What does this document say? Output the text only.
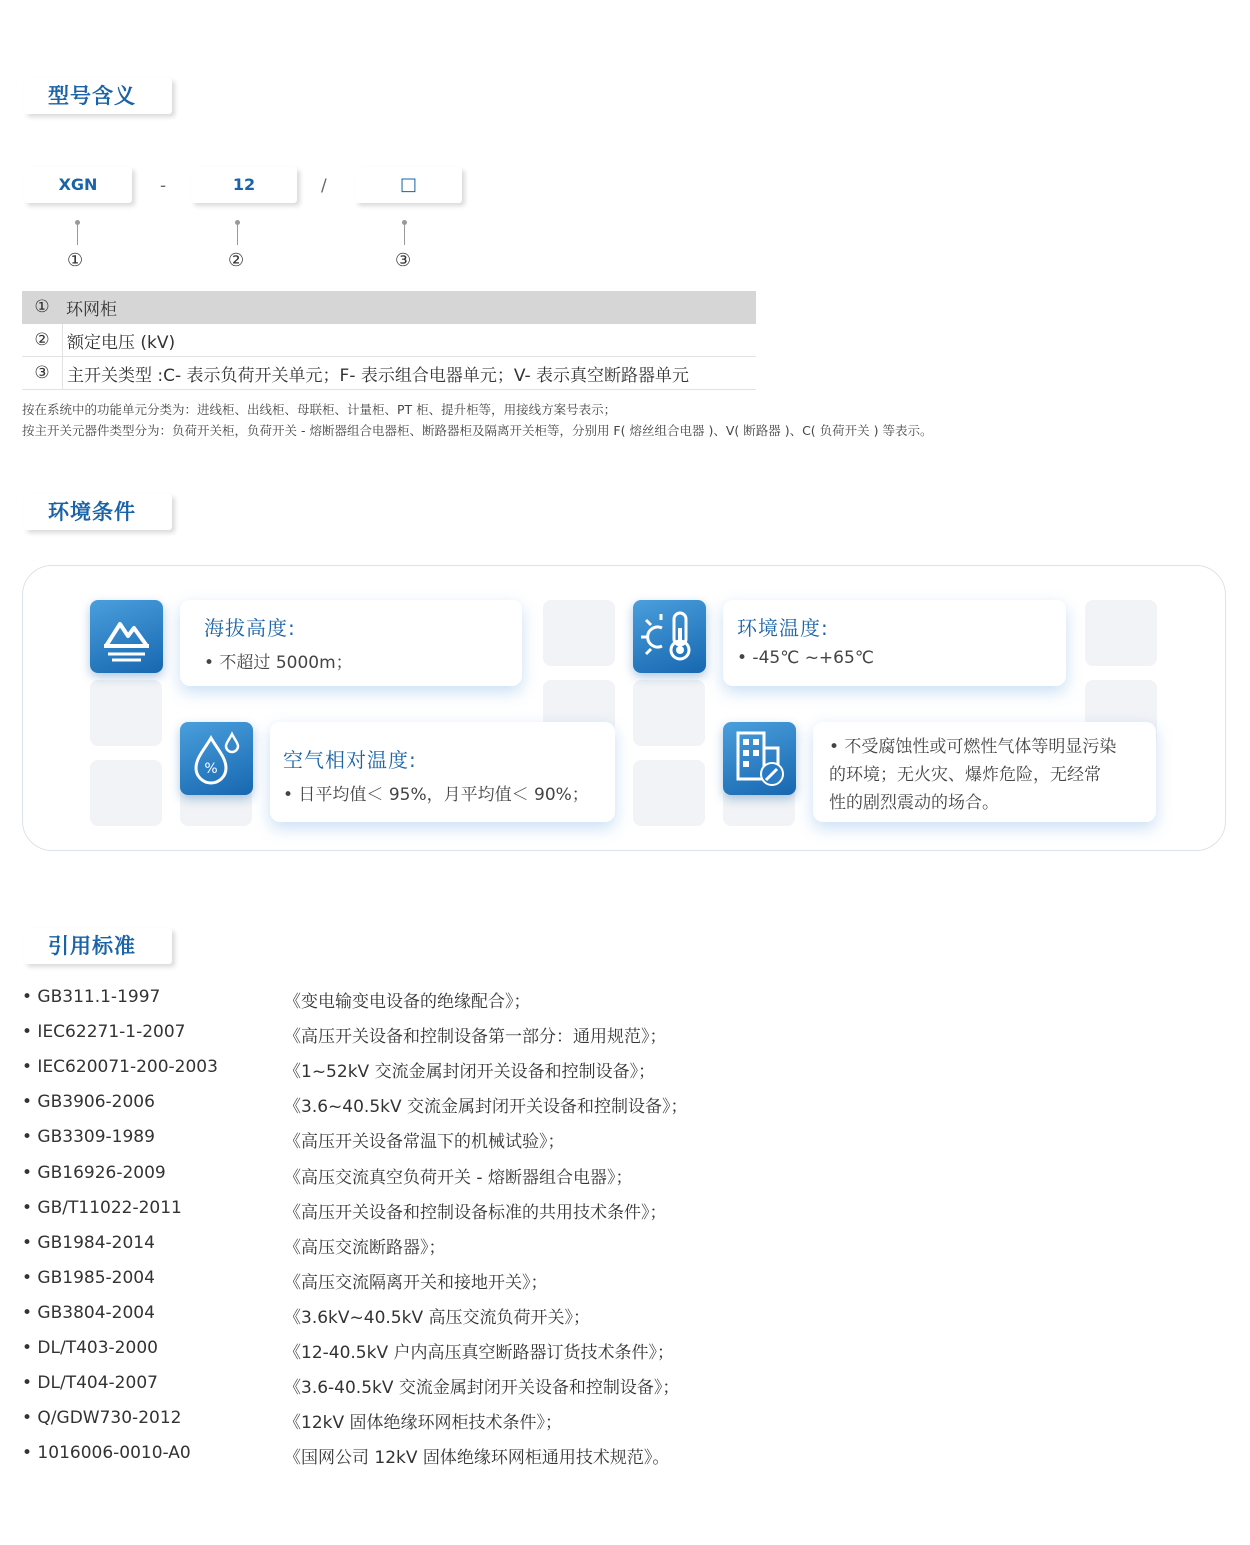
型号含义
XGN	-	12	/	□
①	②	③
① 环网柜
②	额定电压 (kV)
③	主开关类型 :C- 表示负荷开关单元；F- 表示组合电器单元；V- 表示真空断路器单元
按在系统中的功能单元分类为：进线柜、出线柜、母联柜、计量柜、PT 柜、提升柜等，用接线方案号表示；
按主开关元器件类型分为：负荷开关柜，负荷开关 - 熔断器组合电器柜、断路器柜及隔离开关柜等，分别用 F( 熔丝组合电器 )、V( 断路器 )、C( 负荷开关 ) 等表示。
环境条件
%
海拔高度:
• 不超过 5000m；
环境温度:
• -45℃ ~+65℃
空气相对温度:
• 日平均值＜ 95%，月平均值＜ 90%；
• 不受腐蚀性或可燃性气体等明显污染
的环境；无火灾、爆炸危险，无经常
性的剧烈震动的场合。
引用标准
• GB311.1-1997	《变电输变电设备的绝缘配合》；
• IEC62271-1-2007	《高压开关设备和控制设备第一部分：通用规范》；
• IEC620071-200-2003	《1~52kV 交流金属封闭开关设备和控制设备》；
• GB3906-2006	《3.6~40.5kV 交流金属封闭开关设备和控制设备》；
• GB3309-1989	《高压开关设备常温下的机械试验》；
• GB16926-2009	《高压交流真空负荷开关 - 熔断器组合电器》；
• GB/T11022-2011	《高压开关设备和控制设备标准的共用技术条件》；
• GB1984-2014	《高压交流断路器》；
• GB1985-2004	《高压交流隔离开关和接地开关》；
• GB3804-2004	《3.6kV~40.5kV 高压交流负荷开关》；
• DL/T403-2000	《12-40.5kV 户内高压真空断路器订货技术条件》；
• DL/T404-2007	《3.6-40.5kV 交流金属封闭开关设备和控制设备》；
• Q/GDW730-2012	《12kV 固体绝缘环网柜技术条件》；
• 1016006-0010-A0	《国网公司 12kV 固体绝缘环网柜通用技术规范》。
